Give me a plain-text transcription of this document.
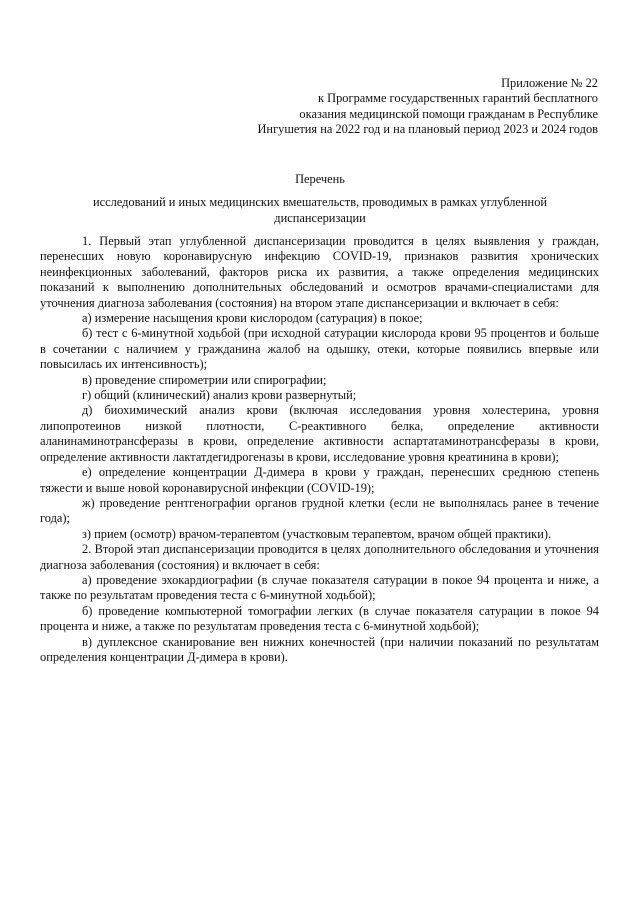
Приложение № 22
к Программе государственных гарантий бесплатного
оказания медицинской помощи гражданам в Республике
Ингушетия на 2022 год и на плановый период 2023 и 2024 годов
Перечень
исследований и иных медицинских вмешательств, проводимых в рамках углубленной
диспансеризации

1. Первый этап углубленной диспансеризации проводится в целях выявления у граждан, перенесших новую коронавирусную инфекцию COVID-19, признаков развития хронических неинфекционных заболеваний, факторов риска их развития, а также определения медицинских показаний к выполнению дополнительных обследований и осмотров врачами-специалистами для уточнения диагноза заболевания (состояния) на втором этапе диспансеризации и включает в себя:

а) измерение насыщения крови кислородом (сатурация) в покое;

б) тест с 6-минутной ходьбой (при исходной сатурации кислорода крови 95 процентов и больше в сочетании с наличием у гражданина жалоб на одышку, отеки, которые появились впервые или повысилась их интенсивность);

в) проведение спирометрии или спирографии;

г) общий (клинический) анализ крови развернутый;

д) биохимический анализ крови (включая исследования уровня холестерина, уровня липопротеинов низкой плотности, С-реактивного белка, определение активности аланинаминотрансферазы в крови, определение активности аспартатаминотрансферазы в крови, определение активности лактатдегидрогеназы в крови, исследование уровня креатинина в крови);

е) определение концентрации Д-димера в крови у граждан, перенесших среднюю степень тяжести и выше новой коронавирусной инфекции (COVID-19);

ж) проведение рентгенографии органов грудной клетки (если не выполнялась ранее в течение года);

з) прием (осмотр) врачом-терапевтом (участковым терапевтом, врачом общей практики).

2. Второй этап диспансеризации проводится в целях дополнительного обследования и уточнения диагноза заболевания (состояния) и включает в себя:

а) проведение эхокардиографии (в случае показателя сатурации в покое 94 процента и ниже, а также по результатам проведения теста с 6-минутной ходьбой);

б) проведение компьютерной томографии легких (в случае показателя сатурации в покое 94 процента и ниже, а также по результатам проведения теста с 6-минутной ходьбой);

в) дуплексное сканирование вен нижних конечностей (при наличии показаний по результатам определения концентрации Д-димера в крови).
